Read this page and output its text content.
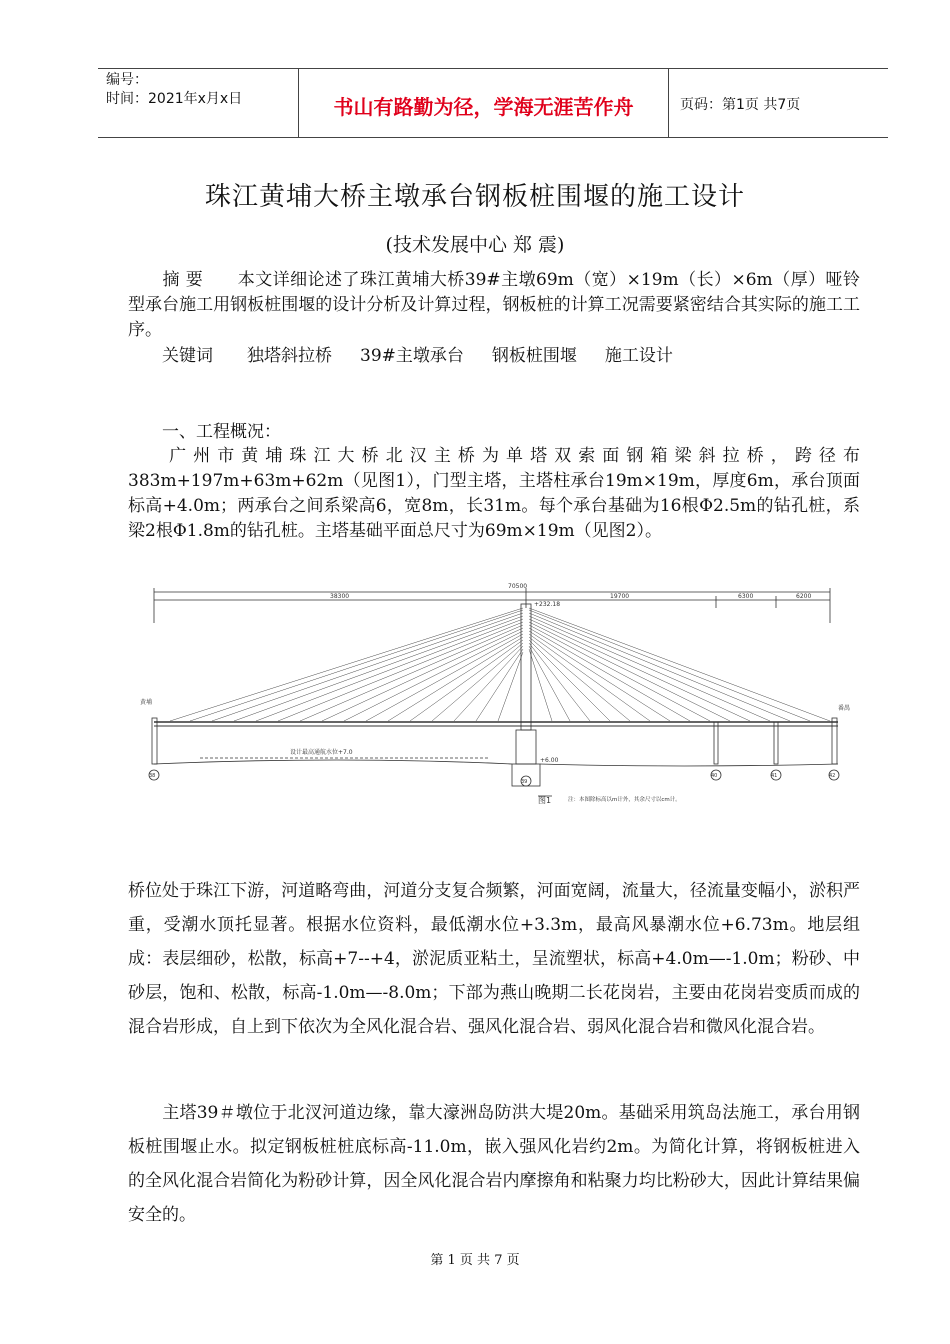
编号：
时间：2021年x月x日	书山有路勤为径，学海无涯苦作舟	页码：第1页 共7页
珠江黄埔大桥主墩承台钢板桩围堰的施工设计
(技术发展中心 郑 震)

摘 要 本文详细论述了珠江黄埔大桥39#主墩69m（宽）×19m（长）×6m（厚）哑铃型承台施工用钢板桩围堰的设计分析及计算过程，钢板桩的计算工况需要紧密结合其实际的施工工序。

关键词 独塔斜拉桥 39#主墩承台 钢板桩围堰 施工设计

一、工程概况：

广州市黄埔珠江大桥北汉主桥为单塔双索面钢箱梁斜拉桥，跨径布383m+197m+63m+62m（见图1），门型主塔，主塔柱承台19m×19m，厚度6m，承台顶面标高+4.0m；两承台之间系梁高6，宽8m，长31m。每个承台基础为16根Φ2.5m的钻孔桩，系梁2根Φ1.8m的钻孔桩。主塔基础平面总尺寸为69m×19m（见图2）。

70500
38300	19700	6300	6200
+232.18
黄埔
番禺
设计最高通航水位+7.0
+6.00
38
39
40	41	42
图1	注：本图除标高以m计外，其余尺寸以cm计。

桥位处于珠江下游，河道略弯曲，河道分支复合频繁，河面宽阔，流量大，径流量变幅小，淤积严重，受潮水顶托显著。根据水位资料，最低潮水位+3.3m，最高风暴潮水位+6.73m。地层组成：表层细砂，松散，标高+7--+4，淤泥质亚粘土，呈流塑状，标高+4.0m—-1.0m；粉砂、中砂层，饱和、松散，标高-1.0m—-8.0m；下部为燕山晚期二长花岗岩，主要由花岗岩变质而成的混合岩形成，自上到下依次为全风化混合岩、强风化混合岩、弱风化混合岩和微风化混合岩。

主塔39＃墩位于北汊河道边缘，靠大濠洲岛防洪大堤20m。基础采用筑岛法施工，承台用钢板桩围堰止水。拟定钢板桩桩底标高-11.0m，嵌入强风化岩约2m。为简化计算，将钢板桩进入的全风化混合岩简化为粉砂计算，因全风化混合岩内摩擦角和粘聚力均比粉砂大，因此计算结果偏安全的。

第 1 页 共 7 页
